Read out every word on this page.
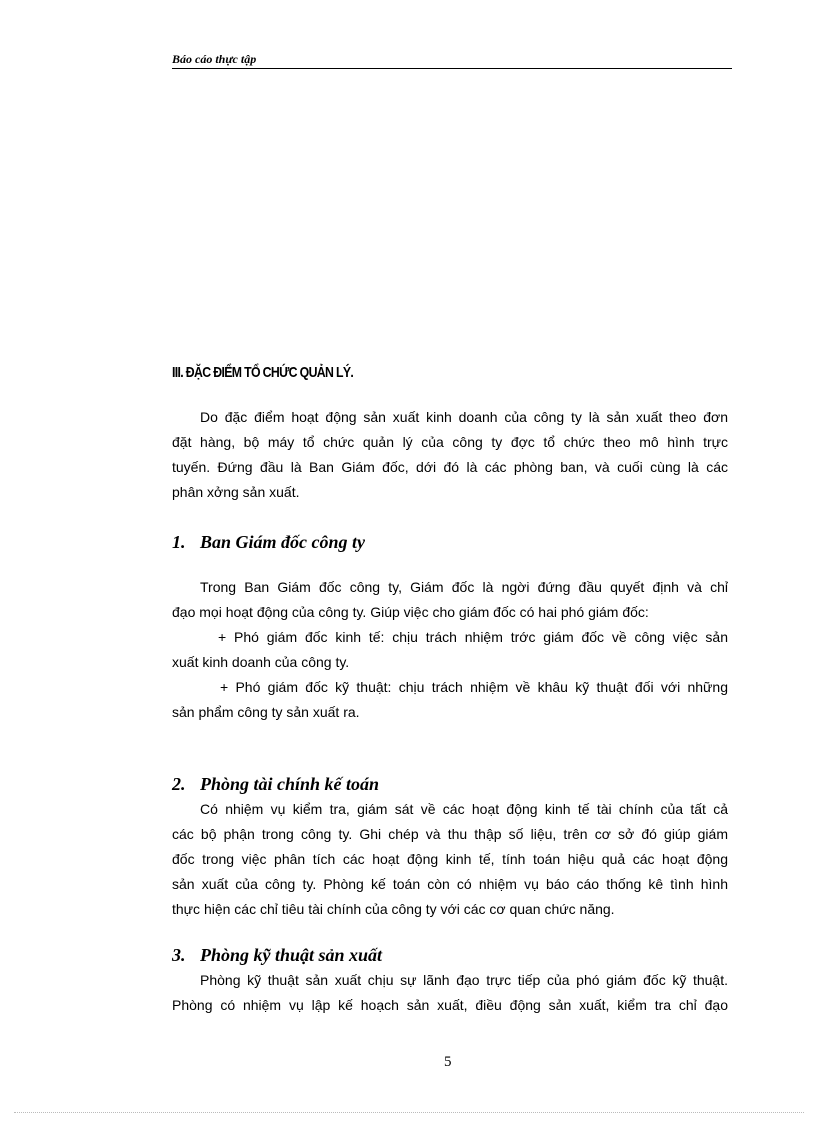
Báo cáo thực tập
III. ĐẶC ĐIỂM TỔ CHỨC QUẢN LÝ.
Do đặc điểm hoạt động sản xuất kinh doanh của công ty là sản xuất theo đơn
đặt hàng, bộ máy tổ chức quản lý của công ty đợc tổ chức theo mô hình trực
tuyến. Đứng đầu là Ban Giám đốc, dới đó là các phòng ban, và cuối cùng là các
phân xởng sản xuất.
1. Ban Giám đốc công ty
Trong Ban Giám đốc công ty, Giám đốc là ngời đứng đầu quyết định và chỉ
đạo mọi hoạt động của công ty. Giúp việc cho giám đốc có hai phó giám đốc:
+ Phó giám đốc kinh tế: chịu trách nhiệm trớc giám đốc về công việc sản
xuất kinh doanh của công ty.
+ Phó giám đốc kỹ thuật: chịu trách nhiệm về khâu kỹ thuật đối với những
sản phẩm công ty sản xuất ra.
2. Phòng tài chính kế toán
Có nhiệm vụ kiểm tra, giám sát về các hoạt động kinh tế tài chính của tất cả
các bộ phận trong công ty. Ghi chép và thu thập số liệu, trên cơ sở đó giúp giám
đốc trong việc phân tích các hoạt động kinh tế, tính toán hiệu quả các hoạt động
sản xuất của công ty. Phòng kế toán còn có nhiệm vụ báo cáo thống kê tình hình
thực hiện các chỉ tiêu tài chính của công ty với các cơ quan chức năng.
3. Phòng kỹ thuật sản xuất
Phòng kỹ thuật sản xuất chịu sự lãnh đạo trực tiếp của phó giám đốc kỹ thuật.
Phòng có nhiệm vụ lập kế hoạch sản xuất, điều động sản xuất, kiểm tra chỉ đạo
5
